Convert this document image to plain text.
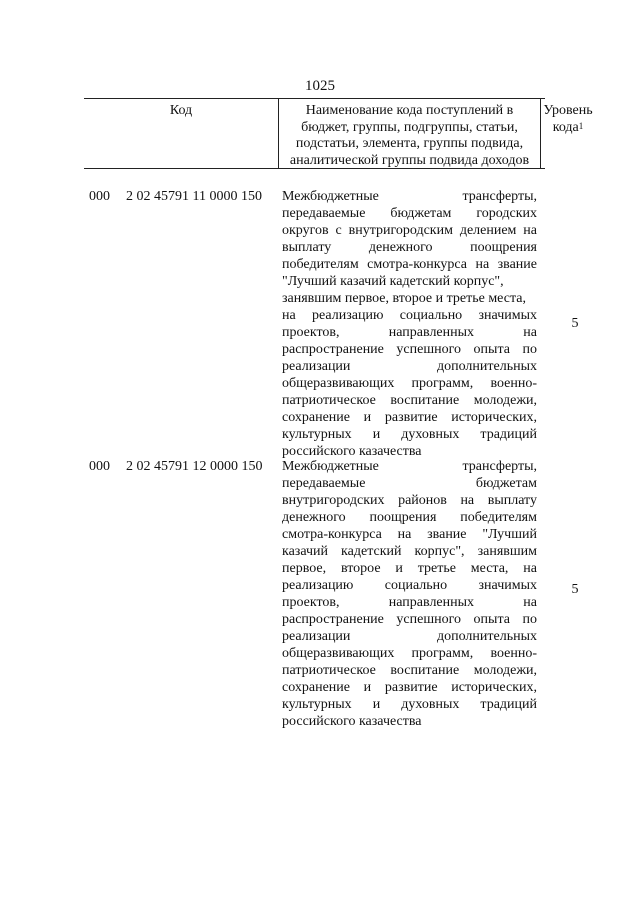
1025
Код	Наименование кода поступлений в
бюджет, группы, подгруппы, статьи,
подстатьи, элемента, группы подвида,
аналитической группы подвида доходов
Уровень
кода$^1$
000 2 02 45791 11 0000 150 Межбюджетные трансферты,
передаваемые бюджетам городских
округов с внутригородским делением на
выплату денежного поощрения
победителям смотра-конкурса на звание
"Лучший казачий кадетский корпус",
занявшим первое, второе и третье места,
на реализацию социально значимых
проектов, направленных на
распространение успешного опыта по
реализации дополнительных
общеразвивающих программ, военно-
патриотическое воспитание молодежи,
сохранение и развитие исторических,
культурных и духовных традиций
российского казачества
5
000 2 02 45791 12 0000 150 Межбюджетные трансферты,
передаваемые бюджетам
внутригородских районов на выплату
денежного поощрения победителям
смотра-конкурса на звание "Лучший
казачий кадетский корпус", занявшим
первое, второе и третье места, на
реализацию социально значимых
проектов, направленных на
распространение успешного опыта по
реализации дополнительных
общеразвивающих программ, военно-
патриотическое воспитание молодежи,
сохранение и развитие исторических,
культурных и духовных традиций
российского казачества
5
